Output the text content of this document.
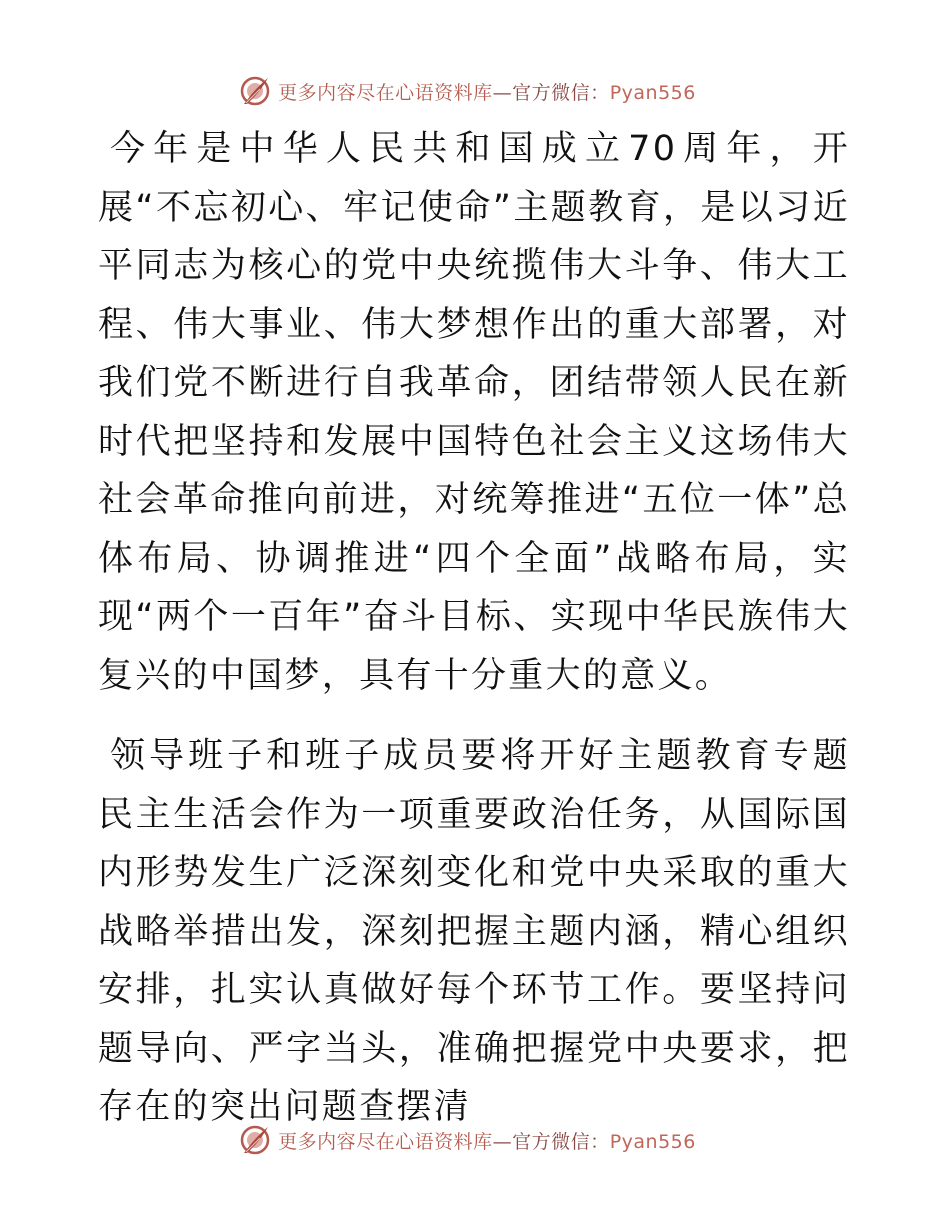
更多内容尽在心语资料库—官方微信：Pyan556

今年是中华人民共和国成立70周年，开展“不忘初心、牢记使命”主题教育，是以习近平同志为核心的党中央统揽伟大斗争、伟大工程、伟大事业、伟大梦想作出的重大部署，对我们党不断进行自我革命，团结带领人民在新时代把坚持和发展中国特色社会主义这场伟大社会革命推向前进，对统筹推进“五位一体”总体布局、协调推进“四个全面”战略布局，实现“两个一百年”奋斗目标、实现中华民族伟大复兴的中国梦，具有十分重大的意义。

领导班子和班子成员要将开好主题教育专题民主生活会作为一项重要政治任务，从国际国内形势发生广泛深刻变化和党中央采取的重大战略举措出发，深刻把握主题内涵，精心组织安排，扎实认真做好每个环节工作。要坚持问题导向、严字当头，准确把握党中央要求，把存在的突出问题查摆清

更多内容尽在心语资料库—官方微信：Pyan556
